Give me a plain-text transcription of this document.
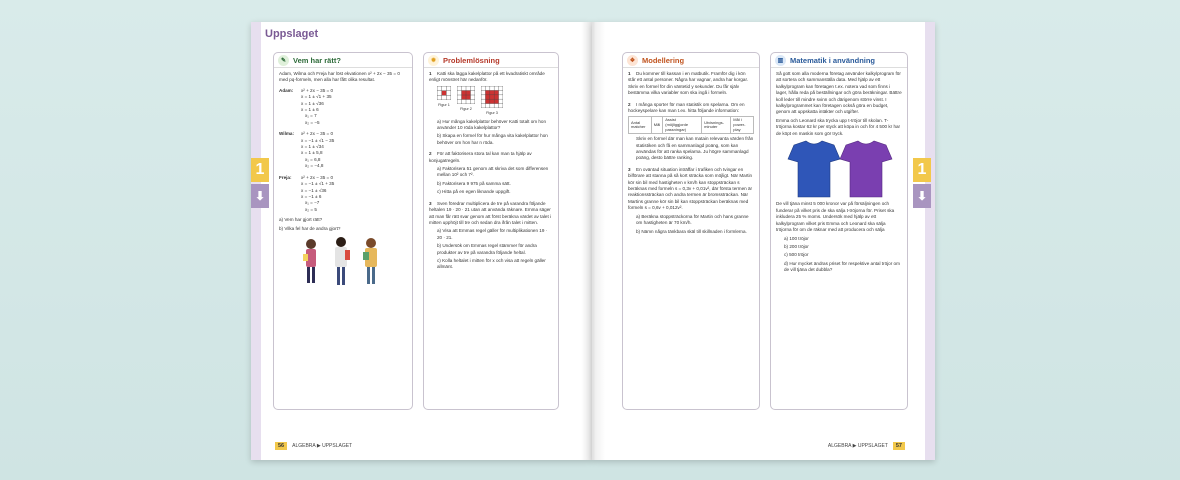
Uppslaget
✎ Vem har rätt?

Adam, Wilma och Freja har löst ekvationen x² + 2x − 35 = 0 med pq-formeln, men alla har fått olika resultat.

Adam: x² + 2x − 35 = 0
x = 1 ± √1 + 35
x = 1 ± √36
x = 1 ± 6
x₁ = 7
x₂ = −5
Wilma: x² + 2x − 35 = 0
x = −1 ± √1 − 35
x = 1 ± √34
x = 1 ± 5,8
x₁ = 6,8
x₂ = −4,8
Freja: x² + 2x − 35 = 0
x = −1 ± √1 + 35
x = −1 ± √36
x = −1 ± 6
x₁ = −7
x₂ = 5

a) Vem har gjort rätt?

b) Vilka fel har de andra gjort?

✹ Problemlösning

1 Katti ska lägga kakelplattor på ett kvadratiskt område enligt mönstret här nedanför.

Figur 1
Figur 2
Figur 3

a) Hur många kakelplattor behöver Katti totalt om hon använder 10 röda kakelplattor?

b) Skapa en formel för hur många vita kakelplattor hon behöver om hon har n röda.

2 För att faktorisera stora tal kan man ta hjälp av konjugatregeln.

a) Faktorisera 51 genom att skriva det som differensen mellan 10² och 7².

b) Faktorisera 9 975 på samma sätt.

c) Hitta på en egen liknande uppgift.

3 Sven föredrar multiplicera de tre på varandra följande heltalen 19 · 20 · 21 utan att använda räknare. Emma säger att man får rätt svar genom att först beräkna värdet av talet i mitten upphöjt till tre och sedan dra ifrån talet i mitten.

a) Visa att Emmas regel gäller för multiplikationen 19 · 20 · 21.

b) Undersök om Emmas regel stämmer för andra produkter av tre på varandra följande heltal.

c) Kolla heltalet i mitten för x och visa att regeln gäller allmänt.

56	ALGEBRA ▶ UPPSLAGET
❖ Modellering

1 Du kommer till kassan i en matbutik. Framför dig i kön står ett antal personer. Några har vagnar, andra har korgar. Skriv en formel för din väntetid y sekunder. Du får själv bestämma vilka variabler som ska ingå i formeln.

2 I många sporter för man statistik om spelarna. Om en hockeyspelare kan man t.ex. hitta följande information:

Antal matcher	Mål	Assist (möjliggjorde passningar)	Utvisnings-minuter	Mål i power-play

Skriv en formel där man kan matain relevanta värden från statistiken och få en sammanlagd poäng, som kan användas för att ranka spelarna. Ju högre sammanlagd poäng, desto bättre ranking.

3 En oväntad situation inträffar i trafiken och tvingar en bilförare att stanna på så kort sträcka som möjligt. När Martin kör sin bil med hastigheten v km/h kan stoppsträckan s beräknas med formeln s = 0,3v + 0,01v², där första termen är reaktionssträckan och andra termen är bromssträckan. När Martins granne kör sin bil kan stoppsträckan beräknas med formeln s = 0,6v + 0,012v².

a) Beräkna stoppsträckorna för Martin och hans granne om hastigheten är 70 km/h.

b) Nämn några tänkbara skäl till skillnaden i formlerna.

▥ Matematik i användning

Så gott som alla moderna företag använder kalkylprogram för att sortera och sammanställa data. Med hjälp av ett kalkylprogram kan företagen t.ex. notera vad som finns i lager, hålla reda på beställningar och göra beräkningar. Bättre koll leder till mindre svinn och därigenom större vinst. I kalkylprogrammet kan företagen också göra en budget, genom att uppskatta intäkter och utgifter.

Emma och Leonard ska trycka upp t-tröjor till skolan. T-tröjorna kostar 62 kr per styck att köpa in och för 4 500 kr har de köpt en maskin som gör tryck.

De vill tjäna minst 5 000 kronor var på försäljningen och funderar på vilket pris de ska sälja t-tröjorna för. Priset ska inkludera 25 % moms. Undersök med hjälp av ett kalkylprogram vilket pris Emma och Leonard ska sälja tröjorna för om de räknar med att producera och sälja

a) 100 tröjor

b) 200 tröjor

c) 500 tröjor

d) Hur mycket ändras priset för respektive antal tröjor om de vill tjäna det dubbla?

ALGEBRA ▶ UPPSLAGET	57
1
⬇
1
⬇
